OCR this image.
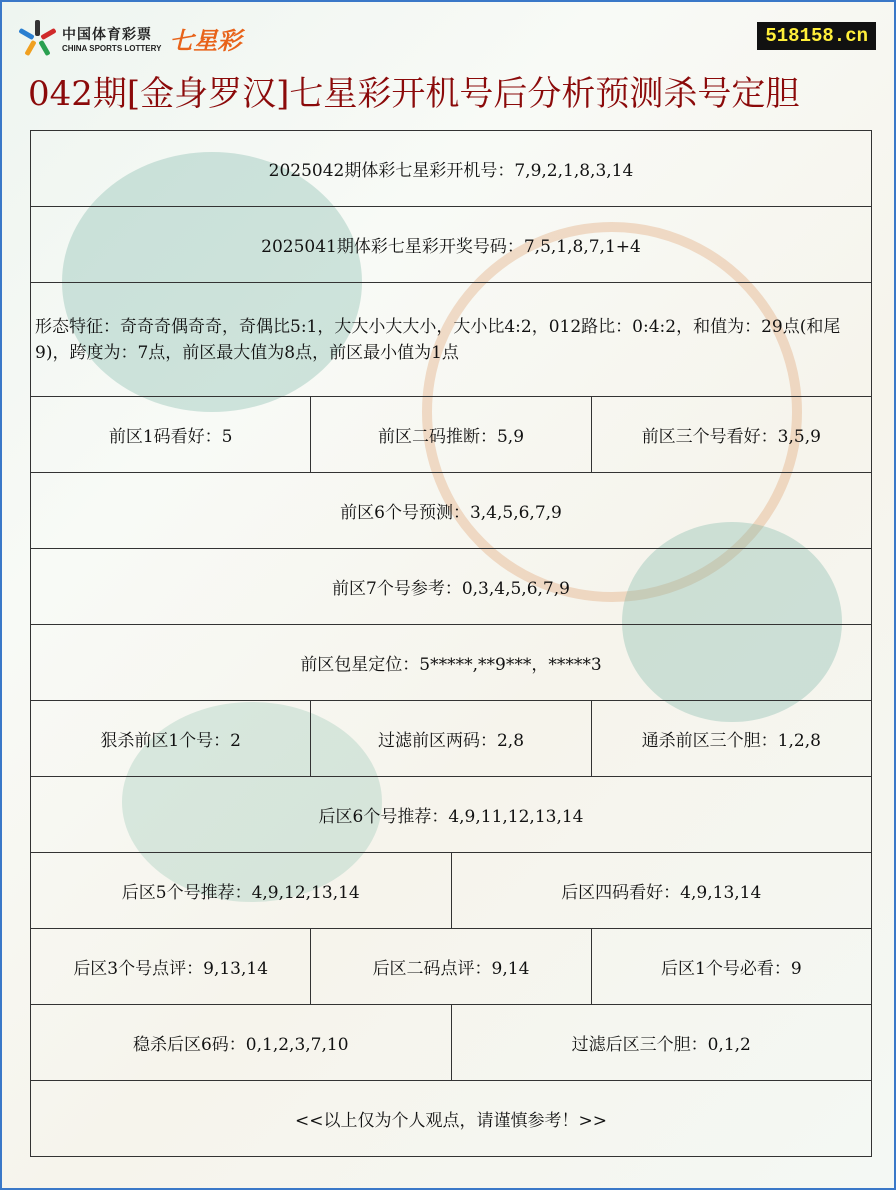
中国体育彩票
CHINA SPORTS LOTTERY 七星彩	518158.cn
042期[金身罗汉]七星彩开机号后分析预测杀号定胆
2025042期体彩七星彩开机号：7,9,2,1,8,3,14
2025041期体彩七星彩开奖号码：7,5,1,8,7,1+4
形态特征：奇奇奇偶奇奇，奇偶比5:1，大大小大大小，大小比4:2，012路比：0:4:2，和值为：29点(和尾9)，跨度为：7点，前区最大值为8点，前区最小值为1点
前区1码看好：5	前区二码推断：5,9	前区三个号看好：3,5,9
前区6个号预测：3,4,5,6,7,9
前区7个号参考：0,3,4,5,6,7,9
前区包星定位：5*****,**9***，*****3
狠杀前区1个号：2	过滤前区两码：2,8	通杀前区三个胆：1,2,8
后区6个号推荐：4,9,11,12,13,14
后区5个号推荐：4,9,12,13,14	后区四码看好：4,9,13,14
后区3个号点评：9,13,14	后区二码点评：9,14	后区1个号必看：9
稳杀后区6码：0,1,2,3,7,10	过滤后区三个胆：0,1,2
<<以上仅为个人观点，请谨慎参考！>>
